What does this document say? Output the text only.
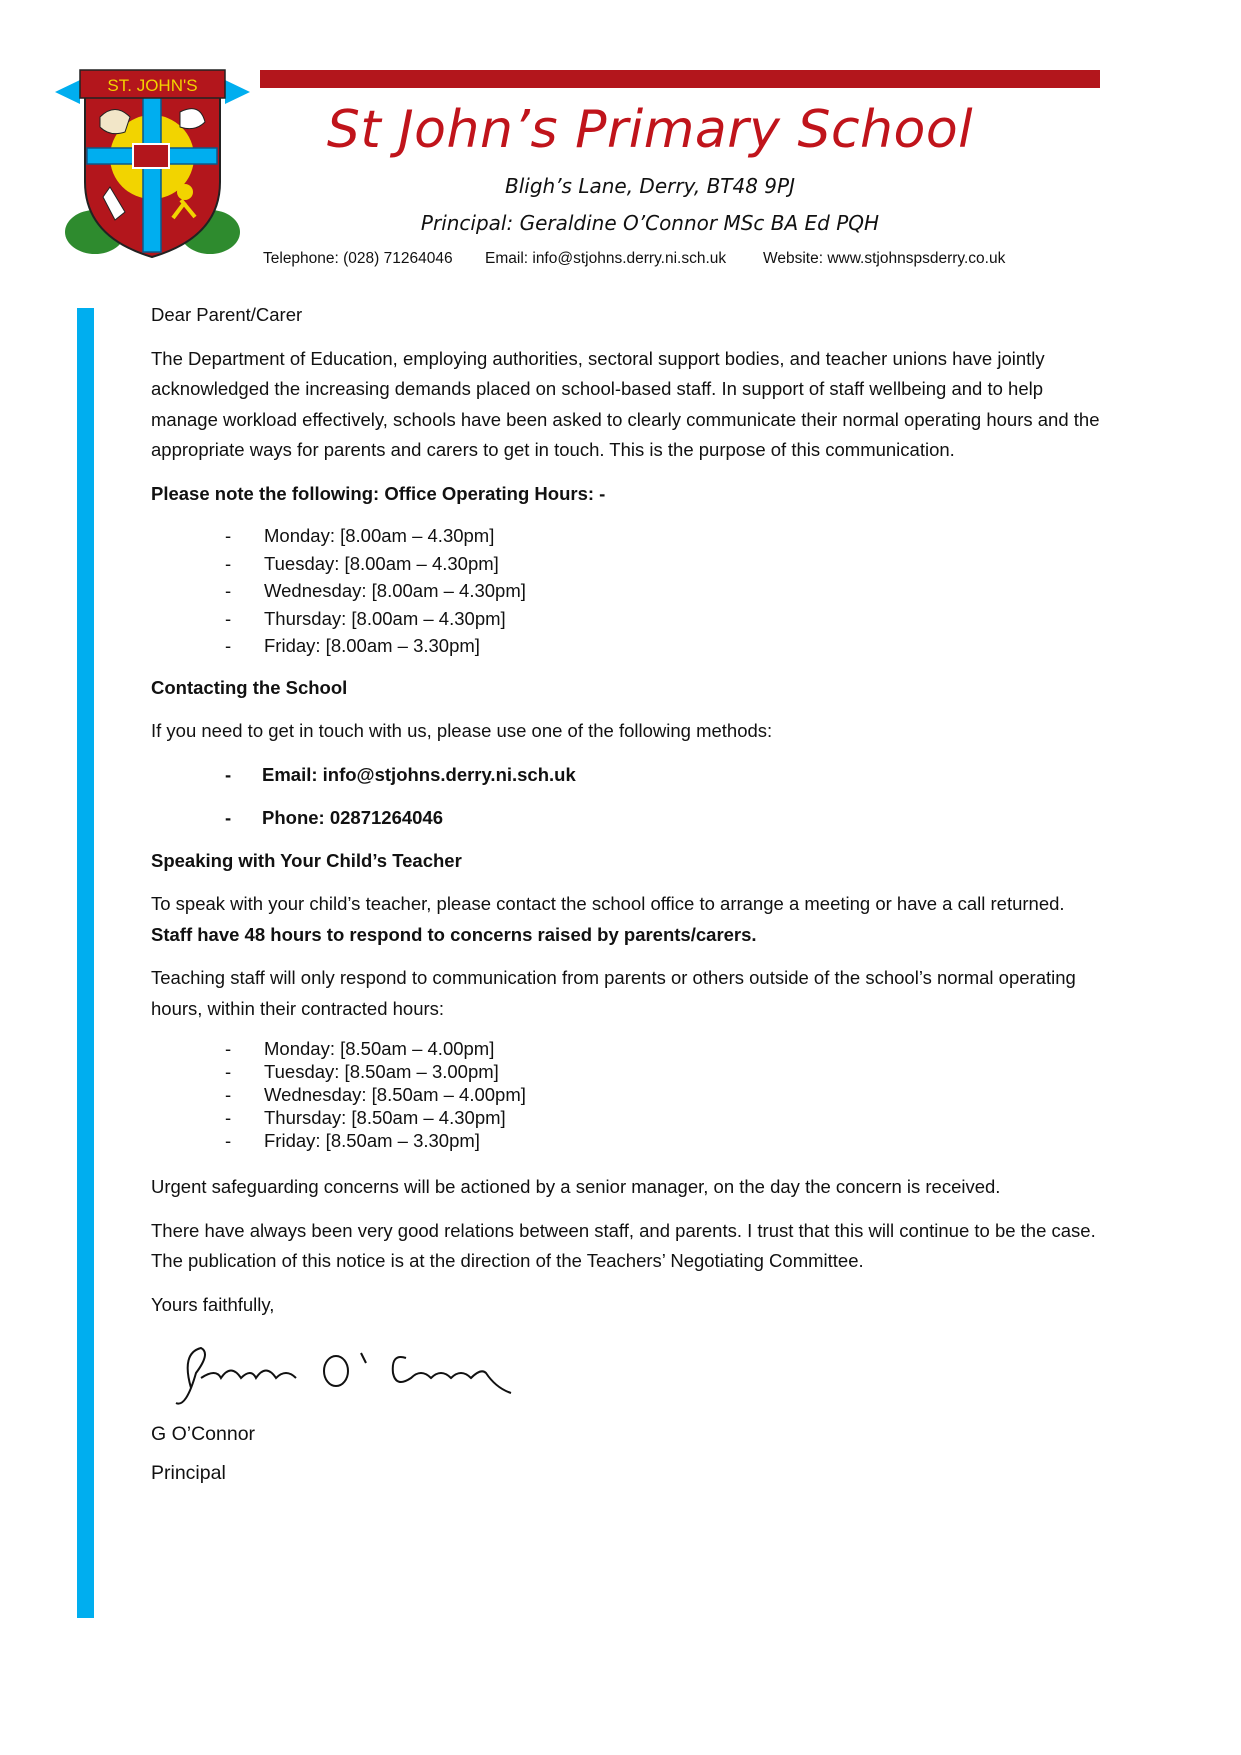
ST. JOHN'S
St John’s Primary School
Bligh’s Lane, Derry, BT48 9PJ
Principal: Geraldine O’Connor MSc BA Ed PQH
Telephone: (028) 71264046 Email: info@stjohns.derry.ni.sch.uk Website: www.stjohnspsderry.co.uk

Dear Parent/Carer

The Department of Education, employing authorities, sectoral support bodies, and teacher unions have jointly acknowledged the increasing demands placed on school-based staff. In support of staff wellbeing and to help manage workload effectively, schools have been asked to clearly communicate their normal operating hours and the appropriate ways for parents and carers to get in touch. This is the purpose of this communication.

Please note the following: Office Operating Hours: -

- Monday: [8.00am – 4.30pm]
- Tuesday: [8.00am – 4.30pm]
- Wednesday: [8.00am – 4.30pm]
- Thursday: [8.00am – 4.30pm]
- Friday: [8.00am – 3.30pm]

Contacting the School

If you need to get in touch with us, please use one of the following methods:

- Email: info@stjohns.derry.ni.sch.uk
- Phone: 02871264046

Speaking with Your Child’s Teacher

To speak with your child’s teacher, please contact the school office to arrange a meeting or have a call returned. Staff have 48 hours to respond to concerns raised by parents/carers.

Teaching staff will only respond to communication from parents or others outside of the school’s normal operating hours, within their contracted hours:

- Monday: [8.50am – 4.00pm]
- Tuesday: [8.50am – 3.00pm]
- Wednesday: [8.50am – 4.00pm]
- Thursday: [8.50am – 4.30pm]
- Friday: [8.50am – 3.30pm]

Urgent safeguarding concerns will be actioned by a senior manager, on the day the concern is received.

There have always been very good relations between staff, and parents. I trust that this will continue to be the case. The publication of this notice is at the direction of the Teachers’ Negotiating Committee.

Yours faithfully,

G O’Connor

Principal
